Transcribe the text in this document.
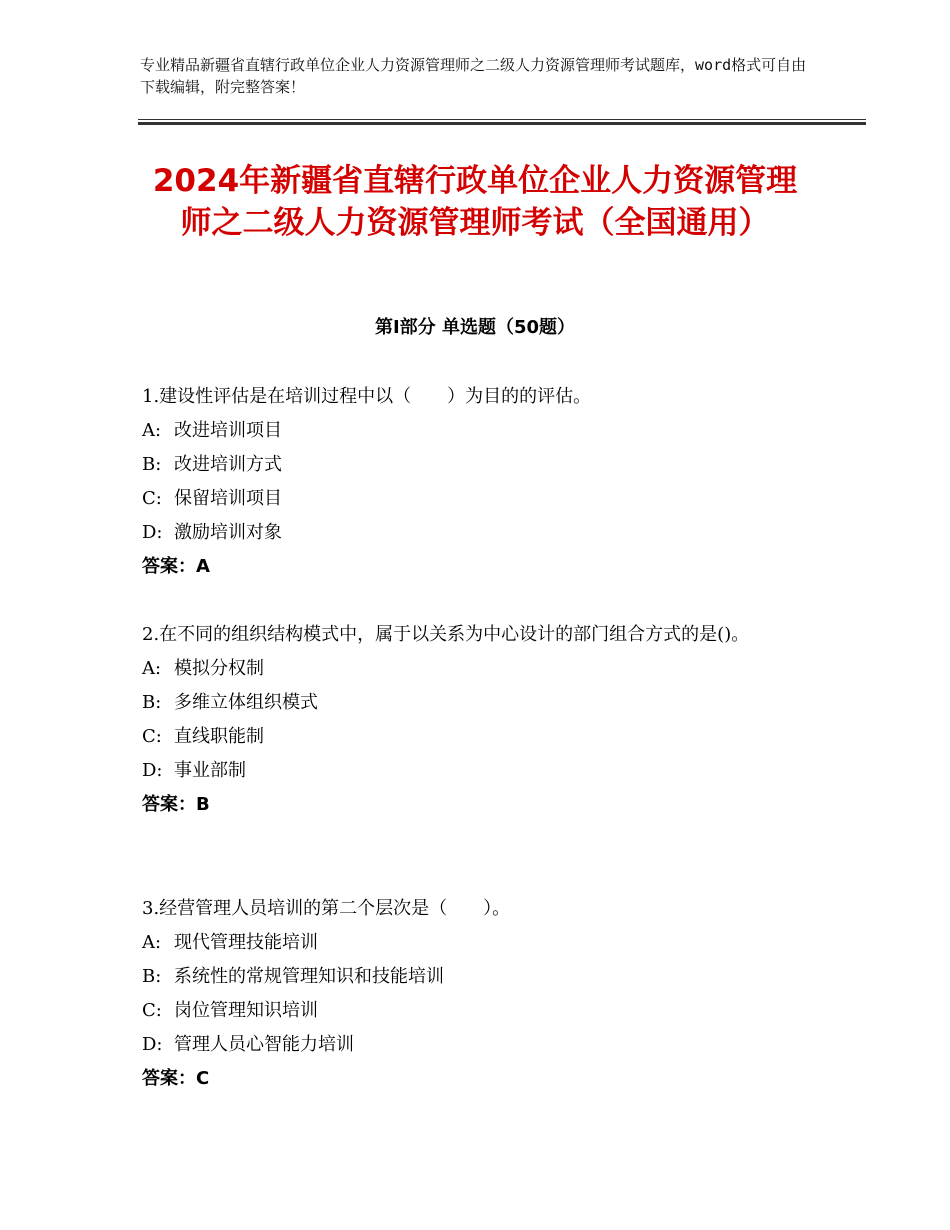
专业精品新疆省直辖行政单位企业人力资源管理师之二级人力资源管理师考试题库，word格式可自由下载编辑，附完整答案！
2024年新疆省直辖行政单位企业人力资源管理师之二级人力资源管理师考试（全国通用）
第Ⅰ部分 单选题（50题）
1.建设性评估是在培训过程中以（　　）为目的的评估。
A: 改进培训项目
B: 改进培训方式
C: 保留培训项目
D: 激励培训对象
答案：A
2.在不同的组织结构模式中，属于以关系为中心设计的部门组合方式的是()。
A: 模拟分权制
B: 多维立体组织模式
C: 直线职能制
D: 事业部制
答案：B
3.经营管理人员培训的第二个层次是（　　）。
A: 现代管理技能培训
B: 系统性的常规管理知识和技能培训
C: 岗位管理知识培训
D: 管理人员心智能力培训
答案：C
